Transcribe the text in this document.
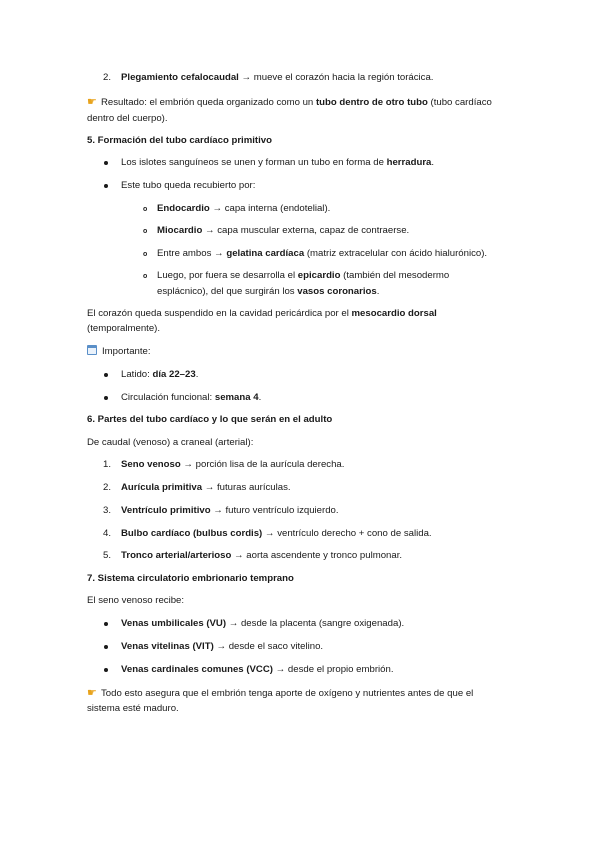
2. Plegamiento cefalocaudal → mueve el corazón hacia la región torácica.
☛ Resultado: el embrión queda organizado como un tubo dentro de otro tubo (tubo cardíaco
dentro del cuerpo).
5. Formación del tubo cardíaco primitivo
Los islotes sanguíneos se unen y forman un tubo en forma de herradura.
Este tubo queda recubierto por:
o Endocardio → capa interna (endotelial).
o Miocardio → capa muscular externa, capaz de contraerse.
o Entre ambos → gelatina cardíaca (matriz extracelular con ácido hialurónico).
o Luego, por fuera se desarrolla el epicardio (también del mesodermo
esplácnico), del que surgirán los vasos coronarios.
El corazón queda suspendido en la cavidad pericárdica por el mesocardio dorsal
(temporalmente).
Importante:
Latido: día 22–23.
Circulación funcional: semana 4.
6. Partes del tubo cardíaco y lo que serán en el adulto
De caudal (venoso) a craneal (arterial):
1. Seno venoso → porción lisa de la aurícula derecha.
2. Aurícula primitiva → futuras aurículas.
3. Ventrículo primitivo → futuro ventrículo izquierdo.
4. Bulbo cardíaco (bulbus cordis) → ventrículo derecho + cono de salida.
5. Tronco arterial/arterioso → aorta ascendente y tronco pulmonar.
7. Sistema circulatorio embrionario temprano
El seno venoso recibe:
Venas umbilicales (VU) → desde la placenta (sangre oxigenada).
Venas vitelinas (VIT) → desde el saco vitelino.
Venas cardinales comunes (VCC) → desde el propio embrión.
☛ Todo esto asegura que el embrión tenga aporte de oxígeno y nutrientes antes de que el
sistema esté maduro.
